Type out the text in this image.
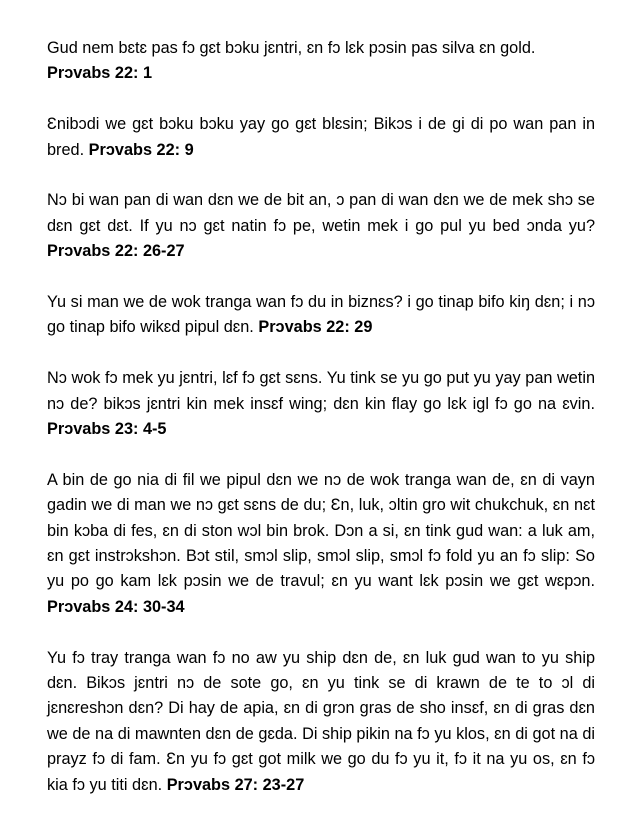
Gud nem bɛtɛ pas fɔ gɛt bɔku jɛntri, ɛn fɔ lɛk pɔsin pas silva ɛn gold.
Prɔvabs 22: 1

Ɛnibɔdi we gɛt bɔku bɔku yay go gɛt blɛsin; Bikɔs i de gi di po wan pan in bred. Prɔvabs 22: 9

Nɔ bi wan pan di wan dɛn we de bit an, ɔ pan di wan dɛn we de mek shɔ se dɛn gɛt dɛt. If yu nɔ gɛt natin fɔ pe, wetin mek i go pul yu bed ɔnda yu? Prɔvabs 22: 26-27

Yu si man we de wok tranga wan fɔ du in biznɛs? i go tinap bifo kiŋ dɛn; i nɔ go tinap bifo wikɛd pipul dɛn. Prɔvabs 22: 29

Nɔ wok fɔ mek yu jɛntri, lɛf fɔ gɛt sɛns. Yu tink se yu go put yu yay pan wetin nɔ de? bikɔs jɛntri kin mek insɛf wing; dɛn kin flay go lɛk igl fɔ go na ɛvin. Prɔvabs 23: 4-5

A bin de go nia di fil we pipul dɛn we nɔ de wok tranga wan de, ɛn di vayn gadin we di man we nɔ gɛt sɛns de du; Ɛn, luk, ɔltin gro wit chukchuk, ɛn nɛt bin kɔba di fes, ɛn di ston wɔl bin brok. Dɔn a si, ɛn tink gud wan: a luk am, ɛn gɛt instrɔkshɔn. Bɔt stil, smɔl slip, smɔl slip, smɔl fɔ fold yu an fɔ slip: So yu po go kam lɛk pɔsin we de travul; ɛn yu want lɛk pɔsin we gɛt wɛpɔn. Prɔvabs 24: 30-34

Yu fɔ tray tranga wan fɔ no aw yu ship dɛn de, ɛn luk gud wan to yu ship dɛn. Bikɔs jɛntri nɔ de sote go, ɛn yu tink se di krawn de te to ɔl di jɛnɛreshɔn dɛn? Di hay de apia, ɛn di grɔn gras de sho insɛf, ɛn di gras dɛn we de na di mawnten dɛn de gɛda. Di ship pikin na fɔ yu klos, ɛn di got na di prayz fɔ di fam. Ɛn yu fɔ gɛt got milk we go du fɔ yu it, fɔ it na yu os, ɛn fɔ kia fɔ yu titi dɛn. Prɔvabs 27: 23-27
